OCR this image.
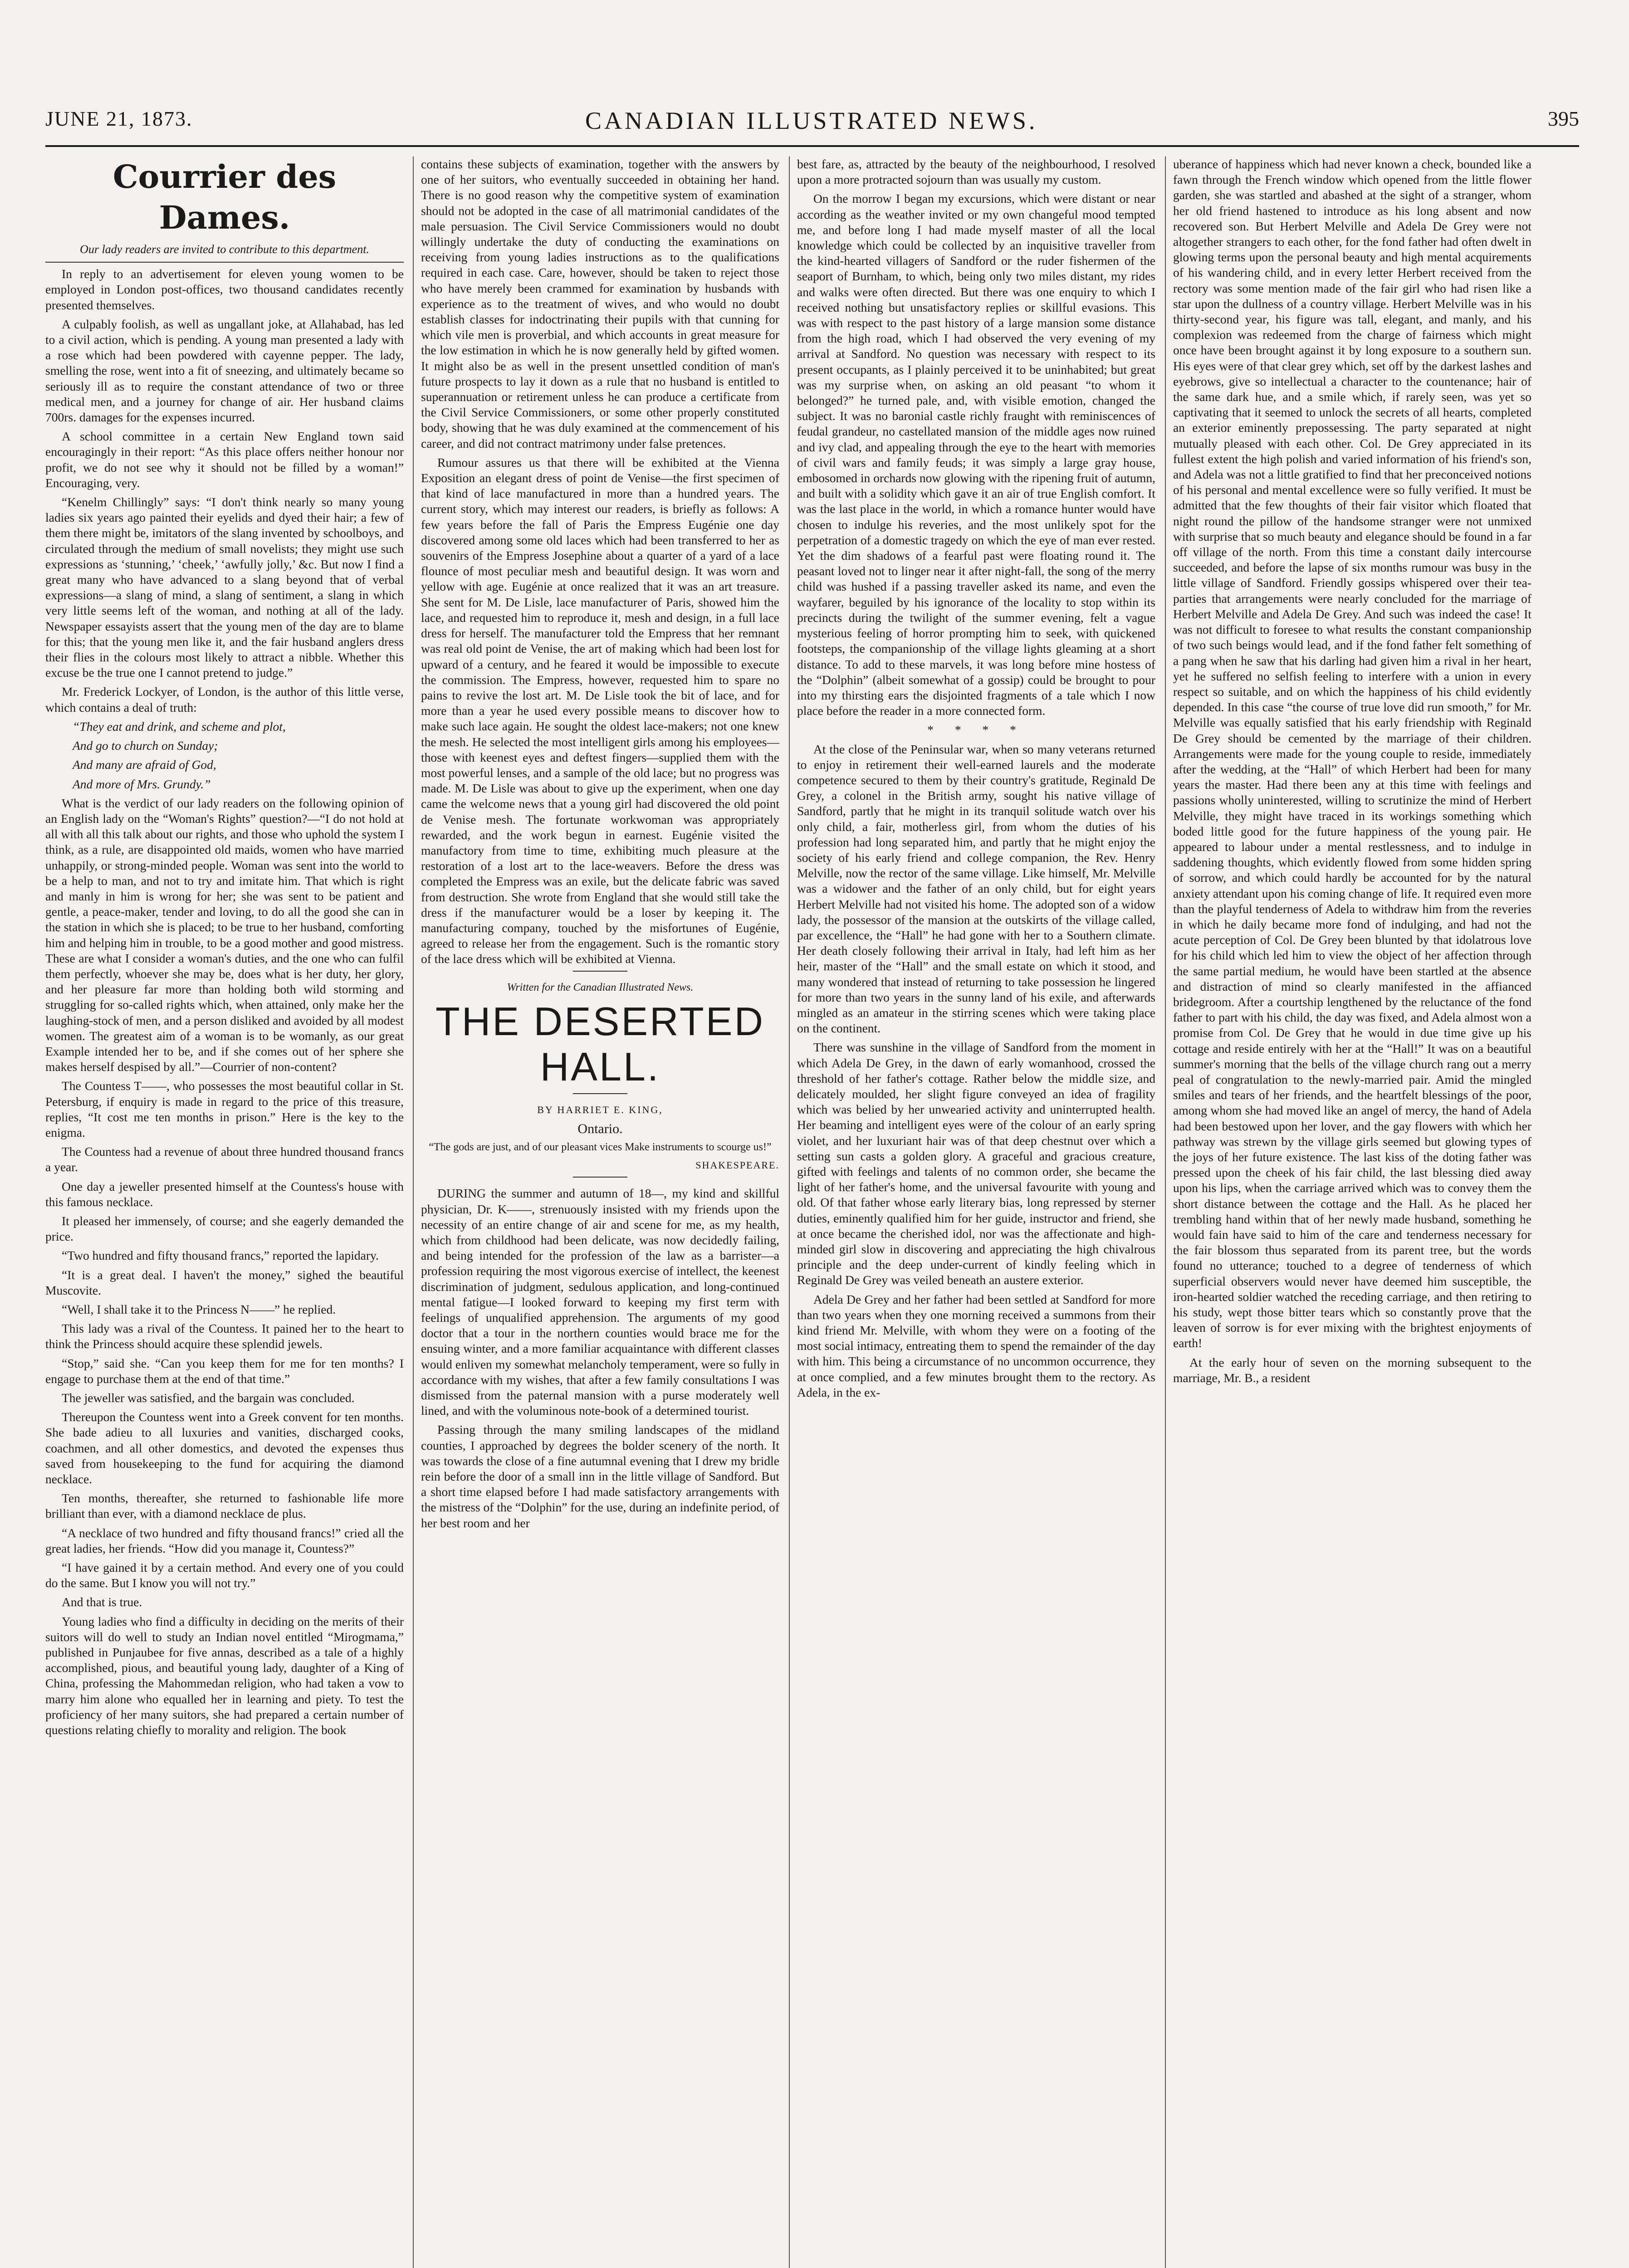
JUNE 21, 1873.	CANADIAN ILLUSTRATED NEWS.	395

Courrier des Dames.

Our lady readers are invited to contribute to this department.

In reply to an advertisement for eleven young women to be employed in London post-offices, two thousand candidates recently presented themselves.

A culpably foolish, as well as ungallant joke, at Allahabad, has led to a civil action, which is pending. A young man presented a lady with a rose which had been powdered with cayenne pepper. The lady, smelling the rose, went into a fit of sneezing, and ultimately became so seriously ill as to require the constant attendance of two or three medical men, and a journey for change of air. Her husband claims 700rs. damages for the expenses incurred.

A school committee in a certain New England town said encouragingly in their report: “As this place offers neither honour nor profit, we do not see why it should not be filled by a woman!” Encouraging, very.

“Kenelm Chillingly” says: “I don't think nearly so many young ladies six years ago painted their eyelids and dyed their hair; a few of them there might be, imitators of the slang invented by schoolboys, and circulated through the medium of small novelists; they might use such expressions as ‘stunning,’ ‘cheek,’ ‘awfully jolly,’ &c. But now I find a great many who have advanced to a slang beyond that of verbal expressions—a slang of mind, a slang of sentiment, a slang in which very little seems left of the woman, and nothing at all of the lady. Newspaper essayists assert that the young men of the day are to blame for this; that the young men like it, and the fair husband anglers dress their flies in the colours most likely to attract a nibble. Whether this excuse be the true one I cannot pretend to judge.”

Mr. Frederick Lockyer, of London, is the author of this little verse, which contains a deal of truth:

“They eat and drink, and scheme and plot,

And go to church on Sunday;

And many are afraid of God,

And more of Mrs. Grundy.”

What is the verdict of our lady readers on the following opinion of an English lady on the “Woman's Rights” question?—“I do not hold at all with all this talk about our rights, and those who uphold the system I think, as a rule, are disappointed old maids, women who have married unhappily, or strong-minded people. Woman was sent into the world to be a help to man, and not to try and imitate him. That which is right and manly in him is wrong for her; she was sent to be patient and gentle, a peace-maker, tender and loving, to do all the good she can in the station in which she is placed; to be true to her husband, comforting him and helping him in trouble, to be a good mother and good mistress. These are what I consider a woman's duties, and the one who can fulfil them perfectly, whoever she may be, does what is her duty, her glory, and her pleasure far more than holding both wild storming and struggling for so-called rights which, when attained, only make her the laughing-stock of men, and a person disliked and avoided by all modest women. The greatest aim of a woman is to be womanly, as our great Example intended her to be, and if she comes out of her sphere she makes herself despised by all.”—Courrier of non-content?

The Countess T——, who possesses the most beautiful collar in St. Petersburg, if enquiry is made in regard to the price of this treasure, replies, “It cost me ten months in prison.” Here is the key to the enigma.

The Countess had a revenue of about three hundred thousand francs a year.

One day a jeweller presented himself at the Countess's house with this famous necklace.

It pleased her immensely, of course; and she eagerly demanded the price.

“Two hundred and fifty thousand francs,” reported the lapidary.

“It is a great deal. I haven't the money,” sighed the beautiful Muscovite.

“Well, I shall take it to the Princess N——” he replied.

This lady was a rival of the Countess. It pained her to the heart to think the Princess should acquire these splendid jewels.

“Stop,” said she. “Can you keep them for me for ten months? I engage to purchase them at the end of that time.”

The jeweller was satisfied, and the bargain was concluded.

Thereupon the Countess went into a Greek convent for ten months. She bade adieu to all luxuries and vanities, discharged cooks, coachmen, and all other domestics, and devoted the expenses thus saved from housekeeping to the fund for acquiring the diamond necklace.

Ten months, thereafter, she returned to fashionable life more brilliant than ever, with a diamond necklace de plus.

“A necklace of two hundred and fifty thousand francs!” cried all the great ladies, her friends. “How did you manage it, Countess?”

“I have gained it by a certain method. And every one of you could do the same. But I know you will not try.”

And that is true.

Young ladies who find a difficulty in deciding on the merits of their suitors will do well to study an Indian novel entitled “Mirogmama,” published in Punjaubee for five annas, described as a tale of a highly accomplished, pious, and beautiful young lady, daughter of a King of China, professing the Mahommedan religion, who had taken a vow to marry him alone who equalled her in learning and piety. To test the proficiency of her many suitors, she had prepared a certain number of questions relating chiefly to morality and religion. The book

contains these subjects of examination, together with the answers by one of her suitors, who eventually succeeded in obtaining her hand. There is no good reason why the competitive system of examination should not be adopted in the case of all matrimonial candidates of the male persuasion. The Civil Service Commissioners would no doubt willingly undertake the duty of conducting the examinations on receiving from young ladies instructions as to the qualifications required in each case. Care, however, should be taken to reject those who have merely been crammed for examination by husbands with experience as to the treatment of wives, and who would no doubt establish classes for indoctrinating their pupils with that cunning for which vile men is proverbial, and which accounts in great measure for the low estimation in which he is now generally held by gifted women. It might also be as well in the present unsettled condition of man's future prospects to lay it down as a rule that no husband is entitled to superannuation or retirement unless he can produce a certificate from the Civil Service Commissioners, or some other properly constituted body, showing that he was duly examined at the commencement of his career, and did not contract matrimony under false pretences.

Rumour assures us that there will be exhibited at the Vienna Exposition an elegant dress of point de Venise—the first specimen of that kind of lace manufactured in more than a hundred years. The current story, which may interest our readers, is briefly as follows: A few years before the fall of Paris the Empress Eugénie one day discovered among some old laces which had been transferred to her as souvenirs of the Empress Josephine about a quarter of a yard of a lace flounce of most peculiar mesh and beautiful design. It was worn and yellow with age. Eugénie at once realized that it was an art treasure. She sent for M. De Lisle, lace manufacturer of Paris, showed him the lace, and requested him to reproduce it, mesh and design, in a full lace dress for herself. The manufacturer told the Empress that her remnant was real old point de Venise, the art of making which had been lost for upward of a century, and he feared it would be impossible to execute the commission. The Empress, however, requested him to spare no pains to revive the lost art. M. De Lisle took the bit of lace, and for more than a year he used every possible means to discover how to make such lace again. He sought the oldest lace-makers; not one knew the mesh. He selected the most intelligent girls among his employees—those with keenest eyes and deftest fingers—supplied them with the most powerful lenses, and a sample of the old lace; but no progress was made. M. De Lisle was about to give up the experiment, when one day came the welcome news that a young girl had discovered the old point de Venise mesh. The fortunate workwoman was appropriately rewarded, and the work begun in earnest. Eugénie visited the manufactory from time to time, exhibiting much pleasure at the restoration of a lost art to the lace-weavers. Before the dress was completed the Empress was an exile, but the delicate fabric was saved from destruction. She wrote from England that she would still take the dress if the manufacturer would be a loser by keeping it. The manufacturing company, touched by the misfortunes of Eugénie, agreed to release her from the engagement. Such is the romantic story of the lace dress which will be exhibited at Vienna.

Written for the Canadian Illustrated News.

THE DESERTED HALL.

BY HARRIET E. KING,

Ontario.

“The gods are just, and of our pleasant vices Make instruments to scourge us!”

SHAKESPEARE.

DURING the summer and autumn of 18—, my kind and skillful physician, Dr. K——, strenuously insisted with my friends upon the necessity of an entire change of air and scene for me, as my health, which from childhood had been delicate, was now decidedly failing, and being intended for the profession of the law as a barrister—a profession requiring the most vigorous exercise of intellect, the keenest discrimination of judgment, sedulous application, and long-continued mental fatigue—I looked forward to keeping my first term with feelings of unqualified apprehension. The arguments of my good doctor that a tour in the northern counties would brace me for the ensuing winter, and a more familiar acquaintance with different classes would enliven my somewhat melancholy temperament, were so fully in accordance with my wishes, that after a few family consultations I was dismissed from the paternal mansion with a purse moderately well lined, and with the voluminous note-book of a determined tourist.

Passing through the many smiling landscapes of the midland counties, I approached by degrees the bolder scenery of the north. It was towards the close of a fine autumnal evening that I drew my bridle rein before the door of a small inn in the little village of Sandford. But a short time elapsed before I had made satisfactory arrangements with the mistress of the “Dolphin” for the use, during an indefinite period, of her best room and her

best fare, as, attracted by the beauty of the neighbourhood, I resolved upon a more protracted sojourn than was usually my custom.

On the morrow I began my excursions, which were distant or near according as the weather invited or my own changeful mood tempted me, and before long I had made myself master of all the local knowledge which could be collected by an inquisitive traveller from the kind-hearted villagers of Sandford or the ruder fishermen of the seaport of Burnham, to which, being only two miles distant, my rides and walks were often directed. But there was one enquiry to which I received nothing but unsatisfactory replies or skillful evasions. This was with respect to the past history of a large mansion some distance from the high road, which I had observed the very evening of my arrival at Sandford. No question was necessary with respect to its present occupants, as I plainly perceived it to be uninhabited; but great was my surprise when, on asking an old peasant “to whom it belonged?” he turned pale, and, with visible emotion, changed the subject. It was no baronial castle richly fraught with reminiscences of feudal grandeur, no castellated mansion of the middle ages now ruined and ivy clad, and appealing through the eye to the heart with memories of civil wars and family feuds; it was simply a large gray house, embosomed in orchards now glowing with the ripening fruit of autumn, and built with a solidity which gave it an air of true English comfort. It was the last place in the world, in which a romance hunter would have chosen to indulge his reveries, and the most unlikely spot for the perpetration of a domestic tragedy on which the eye of man ever rested. Yet the dim shadows of a fearful past were floating round it. The peasant loved not to linger near it after night-fall, the song of the merry child was hushed if a passing traveller asked its name, and even the wayfarer, beguiled by his ignorance of the locality to stop within its precincts during the twilight of the summer evening, felt a vague mysterious feeling of horror prompting him to seek, with quickened footsteps, the companionship of the village lights gleaming at a short distance. To add to these marvels, it was long before mine hostess of the “Dolphin” (albeit somewhat of a gossip) could be brought to pour into my thirsting ears the disjointed fragments of a tale which I now place before the reader in a more connected form.

* * * *

At the close of the Peninsular war, when so many veterans returned to enjoy in retirement their well-earned laurels and the moderate competence secured to them by their country's gratitude, Reginald De Grey, a colonel in the British army, sought his native village of Sandford, partly that he might in its tranquil solitude watch over his only child, a fair, motherless girl, from whom the duties of his profession had long separated him, and partly that he might enjoy the society of his early friend and college companion, the Rev. Henry Melville, now the rector of the same village. Like himself, Mr. Melville was a widower and the father of an only child, but for eight years Herbert Melville had not visited his home. The adopted son of a widow lady, the possessor of the mansion at the outskirts of the village called, par excellence, the “Hall” he had gone with her to a Southern climate. Her death closely following their arrival in Italy, had left him as her heir, master of the “Hall” and the small estate on which it stood, and many wondered that instead of returning to take possession he lingered for more than two years in the sunny land of his exile, and afterwards mingled as an amateur in the stirring scenes which were taking place on the continent.

There was sunshine in the village of Sandford from the moment in which Adela De Grey, in the dawn of early womanhood, crossed the threshold of her father's cottage. Rather below the middle size, and delicately moulded, her slight figure conveyed an idea of fragility which was belied by her unwearied activity and uninterrupted health. Her beaming and intelligent eyes were of the colour of an early spring violet, and her luxuriant hair was of that deep chestnut over which a setting sun casts a golden glory. A graceful and gracious creature, gifted with feelings and talents of no common order, she became the light of her father's home, and the universal favourite with young and old. Of that father whose early literary bias, long repressed by sterner duties, eminently qualified him for her guide, instructor and friend, she at once became the cherished idol, nor was the affectionate and high-minded girl slow in discovering and appreciating the high chivalrous principle and the deep under-current of kindly feeling which in Reginald De Grey was veiled beneath an austere exterior.

Adela De Grey and her father had been settled at Sandford for more than two years when they one morning received a summons from their kind friend Mr. Melville, with whom they were on a footing of the most social intimacy, entreating them to spend the remainder of the day with him. This being a circumstance of no uncommon occurrence, they at once complied, and a few minutes brought them to the rectory. As Adela, in the ex-

uberance of happiness which had never known a check, bounded like a fawn through the French window which opened from the little flower garden, she was startled and abashed at the sight of a stranger, whom her old friend hastened to introduce as his long absent and now recovered son. But Herbert Melville and Adela De Grey were not altogether strangers to each other, for the fond father had often dwelt in glowing terms upon the personal beauty and high mental acquirements of his wandering child, and in every letter Herbert received from the rectory was some mention made of the fair girl who had risen like a star upon the dullness of a country village. Herbert Melville was in his thirty-second year, his figure was tall, elegant, and manly, and his complexion was redeemed from the charge of fairness which might once have been brought against it by long exposure to a southern sun. His eyes were of that clear grey which, set off by the darkest lashes and eyebrows, give so intellectual a character to the countenance; hair of the same dark hue, and a smile which, if rarely seen, was yet so captivating that it seemed to unlock the secrets of all hearts, completed an exterior eminently prepossessing. The party separated at night mutually pleased with each other. Col. De Grey appreciated in its fullest extent the high polish and varied information of his friend's son, and Adela was not a little gratified to find that her preconceived notions of his personal and mental excellence were so fully verified. It must be admitted that the few thoughts of their fair visitor which floated that night round the pillow of the handsome stranger were not unmixed with surprise that so much beauty and elegance should be found in a far off village of the north. From this time a constant daily intercourse succeeded, and before the lapse of six months rumour was busy in the little village of Sandford. Friendly gossips whispered over their tea-parties that arrangements were nearly concluded for the marriage of Herbert Melville and Adela De Grey. And such was indeed the case! It was not difficult to foresee to what results the constant companionship of two such beings would lead, and if the fond father felt something of a pang when he saw that his darling had given him a rival in her heart, yet he suffered no selfish feeling to interfere with a union in every respect so suitable, and on which the happiness of his child evidently depended. In this case “the course of true love did run smooth,” for Mr. Melville was equally satisfied that his early friendship with Reginald De Grey should be cemented by the marriage of their children. Arrangements were made for the young couple to reside, immediately after the wedding, at the “Hall” of which Herbert had been for many years the master. Had there been any at this time with feelings and passions wholly uninterested, willing to scrutinize the mind of Herbert Melville, they might have traced in its workings something which boded little good for the future happiness of the young pair. He appeared to labour under a mental restlessness, and to indulge in saddening thoughts, which evidently flowed from some hidden spring of sorrow, and which could hardly be accounted for by the natural anxiety attendant upon his coming change of life. It required even more than the playful tenderness of Adela to withdraw him from the reveries in which he daily became more fond of indulging, and had not the acute perception of Col. De Grey been blunted by that idolatrous love for his child which led him to view the object of her affection through the same partial medium, he would have been startled at the absence and distraction of mind so clearly manifested in the affianced bridegroom. After a courtship lengthened by the reluctance of the fond father to part with his child, the day was fixed, and Adela almost won a promise from Col. De Grey that he would in due time give up his cottage and reside entirely with her at the “Hall!” It was on a beautiful summer's morning that the bells of the village church rang out a merry peal of congratulation to the newly-married pair. Amid the mingled smiles and tears of her friends, and the heartfelt blessings of the poor, among whom she had moved like an angel of mercy, the hand of Adela had been bestowed upon her lover, and the gay flowers with which her pathway was strewn by the village girls seemed but glowing types of the joys of her future existence. The last kiss of the doting father was pressed upon the cheek of his fair child, the last blessing died away upon his lips, when the carriage arrived which was to convey them the short distance between the cottage and the Hall. As he placed her trembling hand within that of her newly made husband, something he would fain have said to him of the care and tenderness necessary for the fair blossom thus separated from its parent tree, but the words found no utterance; touched to a degree of tenderness of which superficial observers would never have deemed him susceptible, the iron-hearted soldier watched the receding carriage, and then retiring to his study, wept those bitter tears which so constantly prove that the leaven of sorrow is for ever mixing with the brightest enjoyments of earth!

At the early hour of seven on the morning subsequent to the marriage, Mr. B., a resident
